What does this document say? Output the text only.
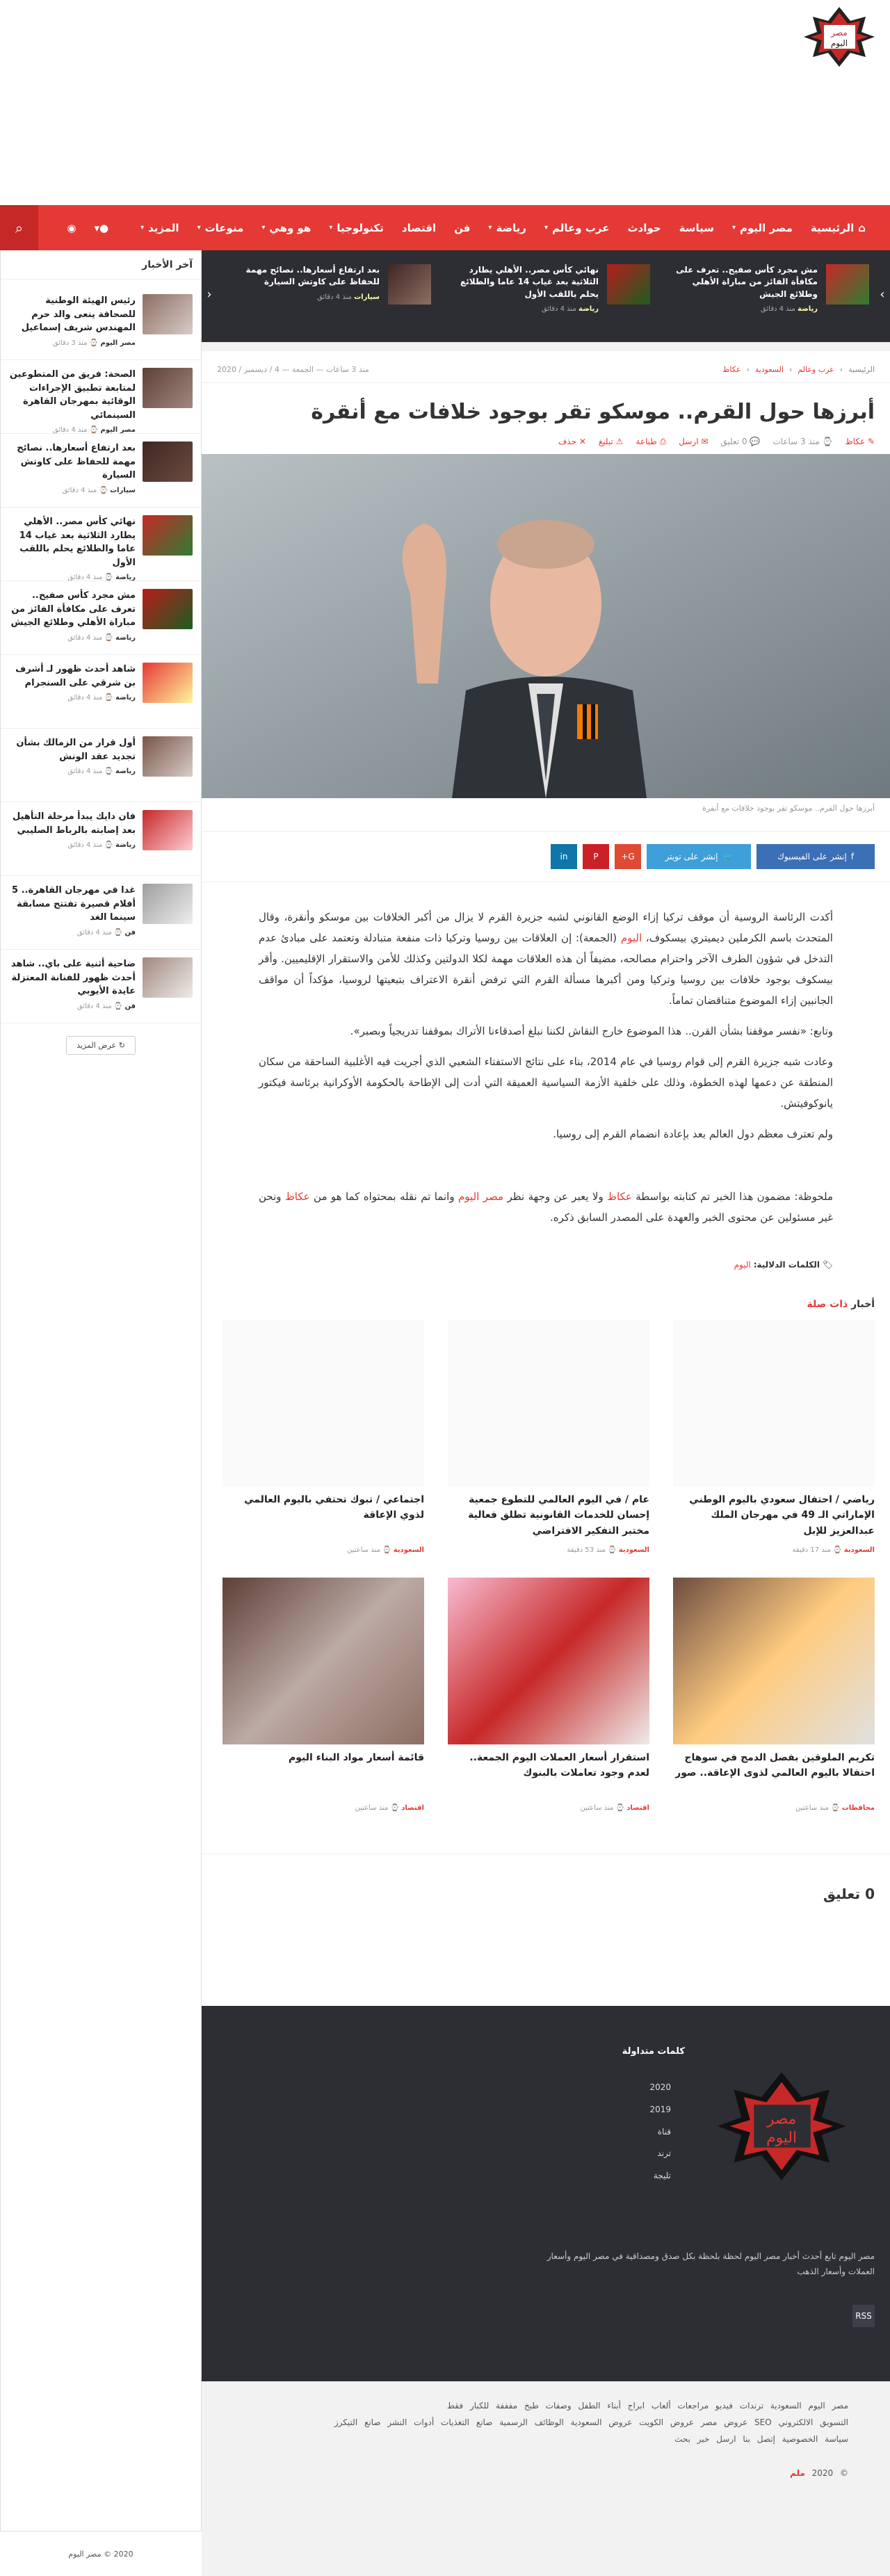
مصر
اليوم
⌂
الرئيسية
مصر اليوم
▾
سياسة
حوادث
عرب وعالم
▾
رياضة
▾
فن
اقتصاد
تكنولوجيا
▾
هو وهي
▾
منوعات
▾
المزيد
▾
●▾
◉
⌕
›
مش مجرد كأس صفيح.. تعرف على مكافأة الفائز من مباراة الأهلي وطلائع الجيش
رياضة منذ 4 دقائق
نهائي كأس مصر.. الأهلي يطارد الثلاثية بعد غياب 14 عاما والطلائع يحلم باللقب الأول
رياضة منذ 4 دقائق
بعد ارتفاع أسعارها.. نصائح مهمة للحفاظ على كاوتش السيارة
سيارات منذ 4 دقائق
‹
آخر الأخبار
رئيس الهيئة الوطنية للصحافة ينعى والد حرم المهندس شريف إسماعيل
مصر اليوم ⌚ منذ 3 دقائق
الصحة: فريق من المتطوعين لمتابعة تطبيق الإجراءات الوقائية بمهرجان القاهرة السينمائي
مصر اليوم ⌚ منذ 4 دقائق
بعد ارتفاع أسعارها.. نصائح مهمة للحفاظ على كاوتش السيارة
سيارات ⌚ منذ 4 دقائق
نهائي كأس مصر.. الأهلي يطارد الثلاثية بعد غياب 14 عاما والطلائع يحلم باللقب الأول
رياضة ⌚ منذ 4 دقائق
مش مجرد كأس صفيح.. تعرف على مكافأة الفائز من مباراة الأهلي وطلائع الجيش
رياضة ⌚ منذ 4 دقائق
شاهد أحدث ظهور لـ أشرف بن شرقي على السنجرام
رياضة ⌚ منذ 4 دقائق
أول قرار من الزمالك بشأن تجديد عقد الونش
رياضة ⌚ منذ 4 دقائق
فان دايك يبدأ مرحلة التأهيل بعد إصابته بالرباط الصليبي
رياضة ⌚ منذ 4 دقائق
غدا في مهرجان القاهرة.. 5 أفلام قصيرة تفتتح مسابقة سينما الغد
فن ⌚ منذ 4 دقائق
ضاحية أثنية على باي.. شاهد أحدث ظهور للفنانة المعتزلة عايدة الأيوبي
فن ⌚ منذ 4 دقائق
↻ عرض المزيد
الرئيسية
›
عرب وعالم
›
السعودية
›
عكاظ
منذ 3 ساعات — الجمعة — 4 / ديسمبر / 2020
أبرزها حول القرم.. موسكو تقر بوجود خلافات مع أنقرة
✎ عكاظ
⌚ منذ 3 ساعات
💬 0 تعليق
✉ ارسل
⎙ طباعة
⚠ تبليغ
✕ حذف
أبرزها حول القرم.. موسكو تقر بوجود خلافات مع أنقرة
f
إنشر على الفيسبوك
🐦
إنشر على تويتر
G+
P
in

أكدت الرئاسة الروسية أن موقف تركيا إزاء الوضع القانوني لشبه جزيرة القرم لا يزال من أكبر الخلافات بين موسكو وأنقرة، وقال المتحدث باسم الكرملين ديميتري بيسكوف، اليوم (الجمعة): إن العلاقات بين روسيا وتركيا ذات منفعة متبادلة وتعتمد على مبادئ عدم التدخل في شؤون الطرف الآخر واحترام مصالحه، مضيفاً أن هذه العلاقات مهمة لكلا الدولتين وكذلك للأمن والاستقرار الإقليميين. وأقر بيسكوف بوجود خلافات بين روسيا وتركيا ومن أكبرها مسألة القرم التي ترفض أنقرة الاعتراف بتبعيتها لروسيا، مؤكداً أن مواقف الجانبين إزاء الموضوع متناقضان تماماً.

وتابع: «نفسر موقفنا بشأن القرن.. هذا الموضوع خارج النقاش لكننا نبلغ أصدقاءنا الأتراك بموقفنا تدريجياً وبصبر».

وعادت شبه جزيرة القرم إلى قوام روسيا في عام 2014، بناء على نتائج الاستفتاء الشعبي الذي أجريت فيه الأغلبية الساحقة من سكان المنطقة عن دعمها لهذه الخطوة، وذلك على خلفية الأزمة السياسية العميقة التي أدت إلى الإطاحة بالحكومة الأوكرانية برئاسة فيكتور يانوكوفيتش.

ولم تعترف معظم دول العالم بعد بإعادة انضمام القرم إلى روسيا.

ملحوظة: مضمون هذا الخبر تم كتابته بواسطة عكاظ ولا يعبر عن وجهة نظر مصر اليوم وانما تم نقله بمحتواه كما هو من عكاظ ونحن غير مسئولين عن محتوى الخبر والعهدة على المصدر السابق ذكره.

🏷 الكلمات الدلالية: اليوم
أخبار ذات صلة
رياضي / احتفال سعودي باليوم الوطني الإماراتي الـ 49 في مهرجان الملك عبدالعزيز للإبل
السعودية ⌚ منذ 17 دقيقة
عام / في اليوم العالمي للتطوع جمعية إحسان للخدمات القانونية تطلق فعالية مختبر التفكير الافتراضي
السعودية ⌚ منذ 53 دقيقة
اجتماعي / تبوك تحتفي باليوم العالمي لذوي الإعاقة
السعودية ⌚ منذ ساعتين
تكريم الملوقين بفصل الدمج في سوهاج احتفالا باليوم العالمي لذوى الإعاقة.. صور
محافظات ⌚ منذ ساعتين
استقرار أسعار العملات اليوم الجمعة.. لعدم وجود تعاملات بالبنوك
اقتصاد ⌚ منذ ساعتين
قائمة أسعار مواد البناء اليوم
اقتصاد ⌚ منذ ساعتين
0 تعليق
كلمات متداولة
2020
2019
قناة
ترند
تليجة
مصر
اليوم
مصر اليوم تابع أحدث أخبار مصر اليوم لحظة بلحظة بكل صدق ومصداقية في مصر اليوم وأسعار العملات وأسعار الذهب
RSS
مصر اليوم السعودية ترندات فيديو مراجعات ألعاب ابراج أبناء الطفل وصفات طبخ مفففة للكبار فقط
التسويق الالكتروني SEO عروض مصر عروض الكويت عروض السعودية الوظائف الرسمية صانع التغذيات أدوات النشر صانع التيكرز
سياسة الخصوصية إتصل بنا ارسل خبر بحث
© 2020 ملم
2020 © مصر اليوم
